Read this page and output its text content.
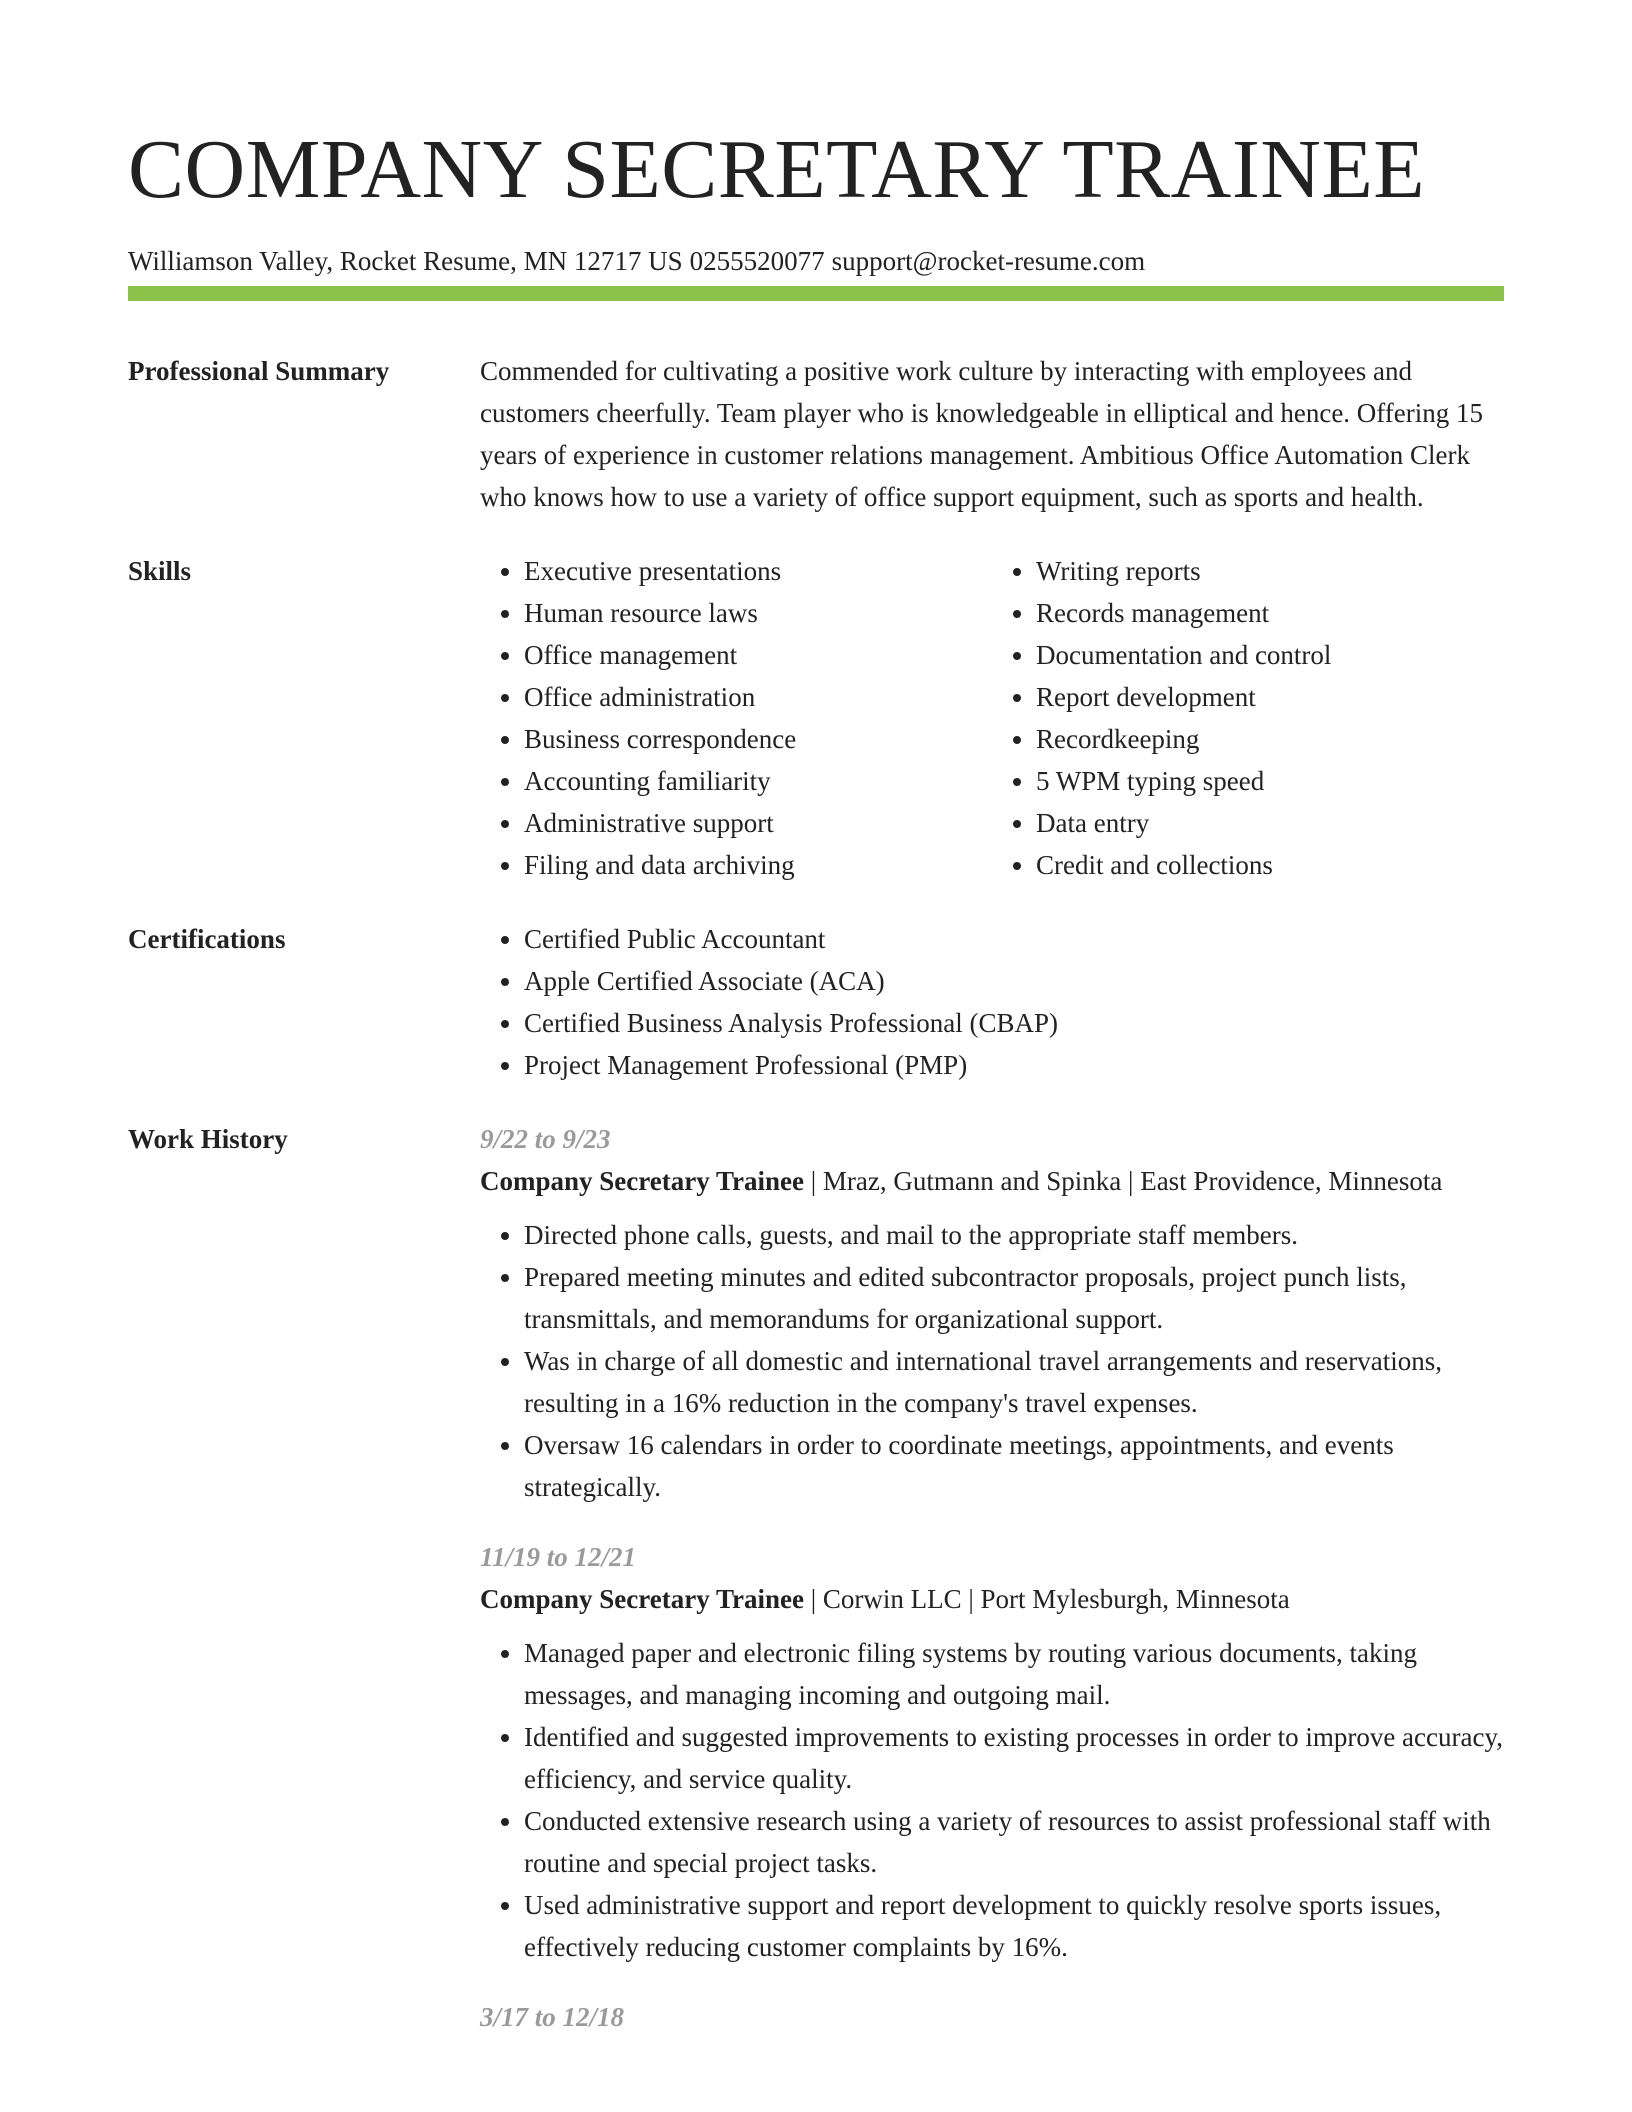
COMPANY SECRETARY TRAINEE
Williamson Valley, Rocket Resume, MN 12717 US 0255520077 support@rocket-resume.com
Professional Summary	Commended for cultivating a positive work culture by interacting with employees and customers cheerfully. Team player who is knowledgeable in elliptical and hence. Offering 15 years of experience in customer relations management. Ambitious Office Automation Clerk who knows how to use a variety of office support equipment, such as sports and health.

Skills	• Executive presentations
• Human resource laws
• Office management
• Office administration
• Business correspondence
• Accounting familiarity
• Administrative support
• Filing and data archiving
• Writing reports
• Records management
• Documentation and control
• Report development
• Recordkeeping
• 5 WPM typing speed
• Data entry
• Credit and collections
Certifications	• Certified Public Accountant
• Apple Certified Associate (ACA)
• Certified Business Analysis Professional (CBAP)
• Project Management Professional (PMP)
Work History	9/22 to 9/23
Company Secretary Trainee | Mraz, Gutmann and Spinka | East Providence, Minnesota
• Directed phone calls, guests, and mail to the appropriate staff members.
• Prepared meeting minutes and edited subcontractor proposals, project punch lists, transmittals, and memorandums for organizational support.
• Was in charge of all domestic and international travel arrangements and reservations, resulting in a 16% reduction in the company's travel expenses.
• Oversaw 16 calendars in order to coordinate meetings, appointments, and events strategically.
11/19 to 12/21
Company Secretary Trainee | Corwin LLC | Port Mylesburgh, Minnesota
• Managed paper and electronic filing systems by routing various documents, taking messages, and managing incoming and outgoing mail.
• Identified and suggested improvements to existing processes in order to improve accuracy, efficiency, and service quality.
• Conducted extensive research using a variety of resources to assist professional staff with routine and special project tasks.
• Used administrative support and report development to quickly resolve sports issues, effectively reducing customer complaints by 16%.
3/17 to 12/18
